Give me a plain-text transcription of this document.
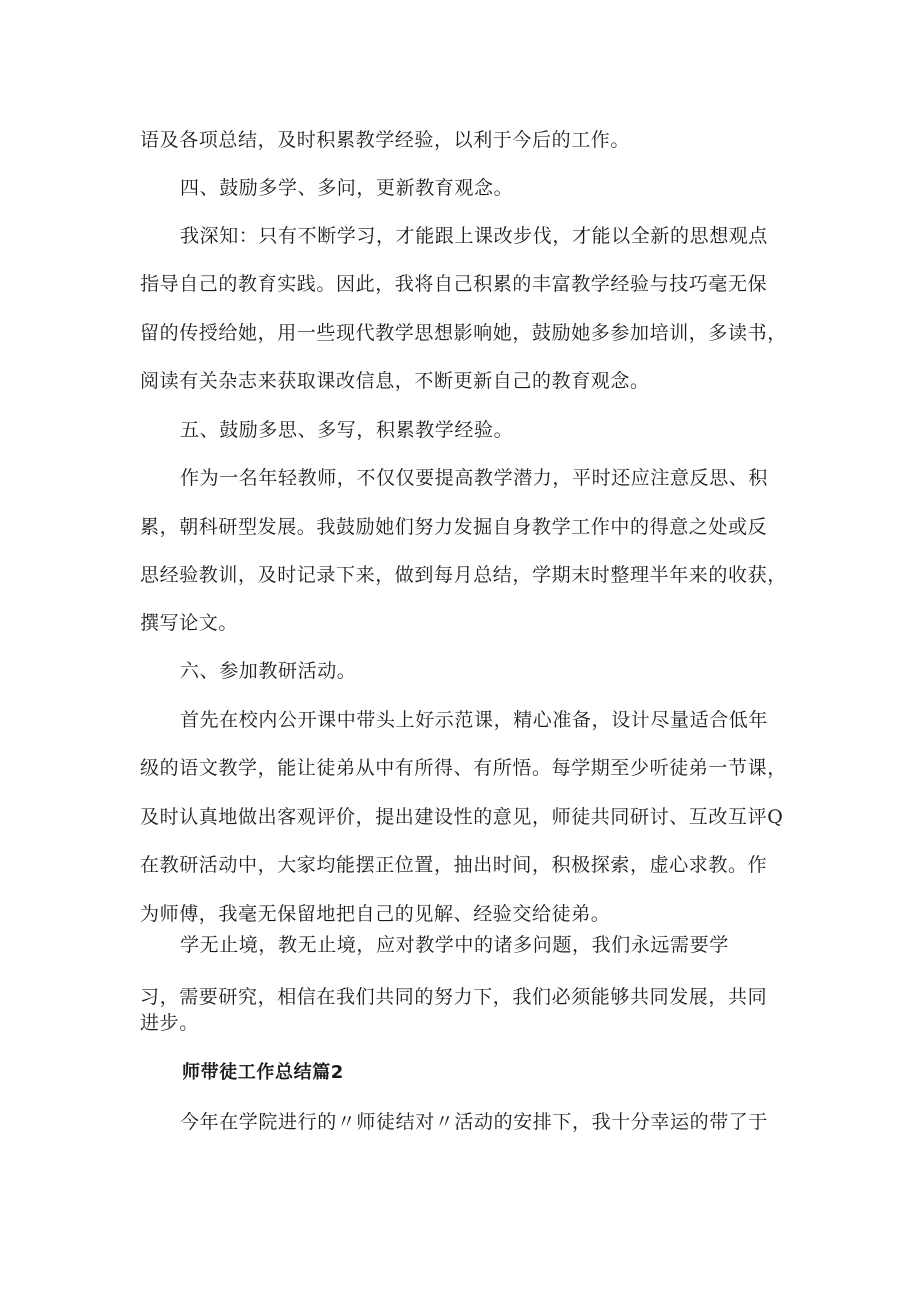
语及各项总结，及时积累教学经验，以利于今后的工作。
四、鼓励多学、多问，更新教育观念。
我深知：只有不断学习，才能跟上课改步伐，才能以全新的思想观点
指导自己的教育实践。因此，我将自己积累的丰富教学经验与技巧毫无保
留的传授给她，用一些现代教学思想影响她，鼓励她多参加培训，多读书，
阅读有关杂志来获取课改信息，不断更新自己的教育观念。
五、鼓励多思、多写，积累教学经验。
作为一名年轻教师，不仅仅要提高教学潜力，平时还应注意反思、积
累，朝科研型发展。我鼓励她们努力发掘自身教学工作中的得意之处或反
思经验教训，及时记录下来，做到每月总结，学期末时整理半年来的收获，
撰写论文。
六、参加教研活动。
首先在校内公开课中带头上好示范课，精心准备，设计尽量适合低年
级的语文教学，能让徒弟从中有所得、有所悟。每学期至少听徒弟一节课，
及时认真地做出客观评价，提出建设性的意见，师徒共同研讨、互改互评Q
在教研活动中，大家均能摆正位置，抽出时间，积极探索，虚心求教。作
为师傅，我毫无保留地把自己的见解、经验交给徒弟。
学无止境，教无止境，应对教学中的诸多问题，我们永远需要学
习，需要研究，相信在我们共同的努力下，我们必须能够共同发展，共同
进步。
师带徒工作总结篇2
今年在学院进行的〃师徒结对〃活动的安排下，我十分幸运的带了于
